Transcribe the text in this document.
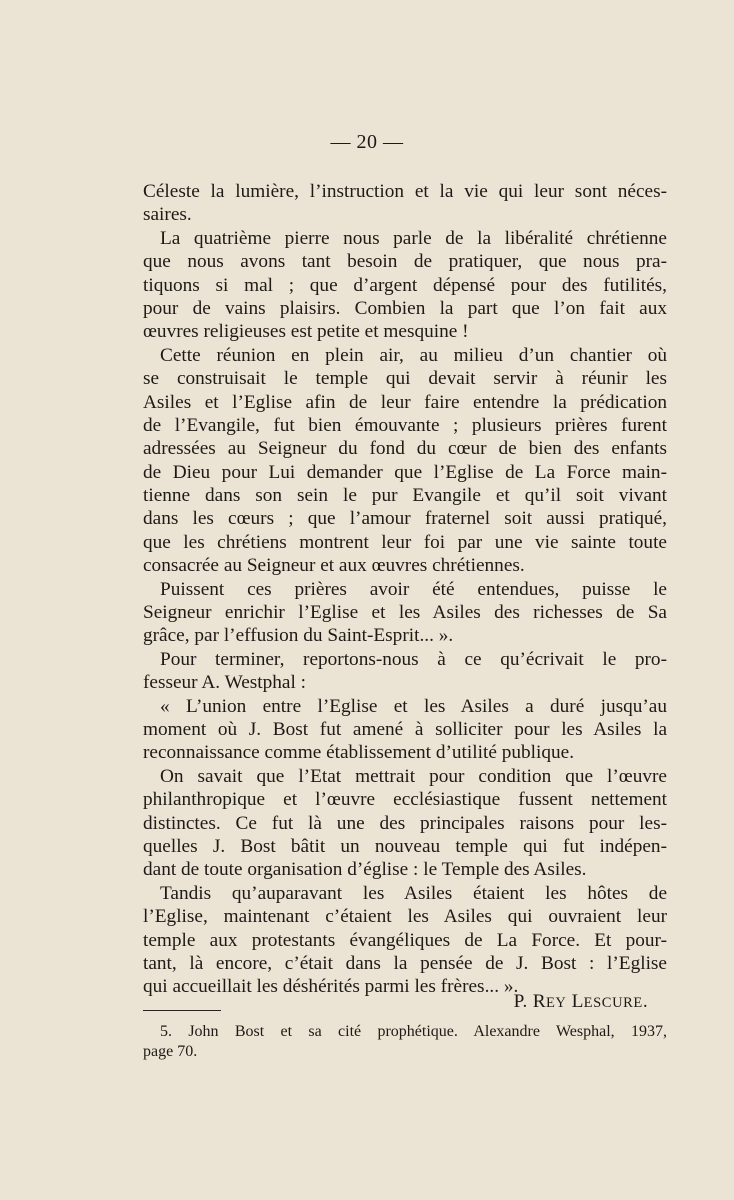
— 20 —
Céleste la lumière, l’instruction et la vie qui leur sont néces-
saires.
La quatrième pierre nous parle de la libéralité chrétienne
que nous avons tant besoin de pratiquer, que nous pra-
tiquons si mal ; que d’argent dépensé pour des futilités,
pour de vains plaisirs. Combien la part que l’on fait aux
œuvres religieuses est petite et mesquine !
Cette réunion en plein air, au milieu d’un chantier où
se construisait le temple qui devait servir à réunir les
Asiles et l’Eglise afin de leur faire entendre la prédication
de l’Evangile, fut bien émouvante ; plusieurs prières furent
adressées au Seigneur du fond du cœur de bien des enfants
de Dieu pour Lui demander que l’Eglise de La Force main-
tienne dans son sein le pur Evangile et qu’il soit vivant
dans les cœurs ; que l’amour fraternel soit aussi pratiqué,
que les chrétiens montrent leur foi par une vie sainte toute
consacrée au Seigneur et aux œuvres chrétiennes.
Puissent ces prières avoir été entendues, puisse le
Seigneur enrichir l’Eglise et les Asiles des richesses de Sa
grâce, par l’effusion du Saint-Esprit... ».
Pour terminer, reportons-nous à ce qu’écrivait le pro-
fesseur A. Westphal :
« L’union entre l’Eglise et les Asiles a duré jusqu’au
moment où J. Bost fut amené à solliciter pour les Asiles la
reconnaissance comme établissement d’utilité publique.
On savait que l’Etat mettrait pour condition que l’œuvre
philanthropique et l’œuvre ecclésiastique fussent nettement
distinctes. Ce fut là une des principales raisons pour les-
quelles J. Bost bâtit un nouveau temple qui fut indépen-
dant de toute organisation d’église : le Temple des Asiles.
Tandis qu’auparavant les Asiles étaient les hôtes de
l’Eglise, maintenant c’étaient les Asiles qui ouvraient leur
temple aux protestants évangéliques de La Force. Et pour-
tant, là encore, c’était dans la pensée de J. Bost : l’Eglise
qui accueillait les déshérités parmi les frères... ».
P. REY LESCURE.
5. John Bost et sa cité prophétique. Alexandre Wesphal, 1937,
page 70.
